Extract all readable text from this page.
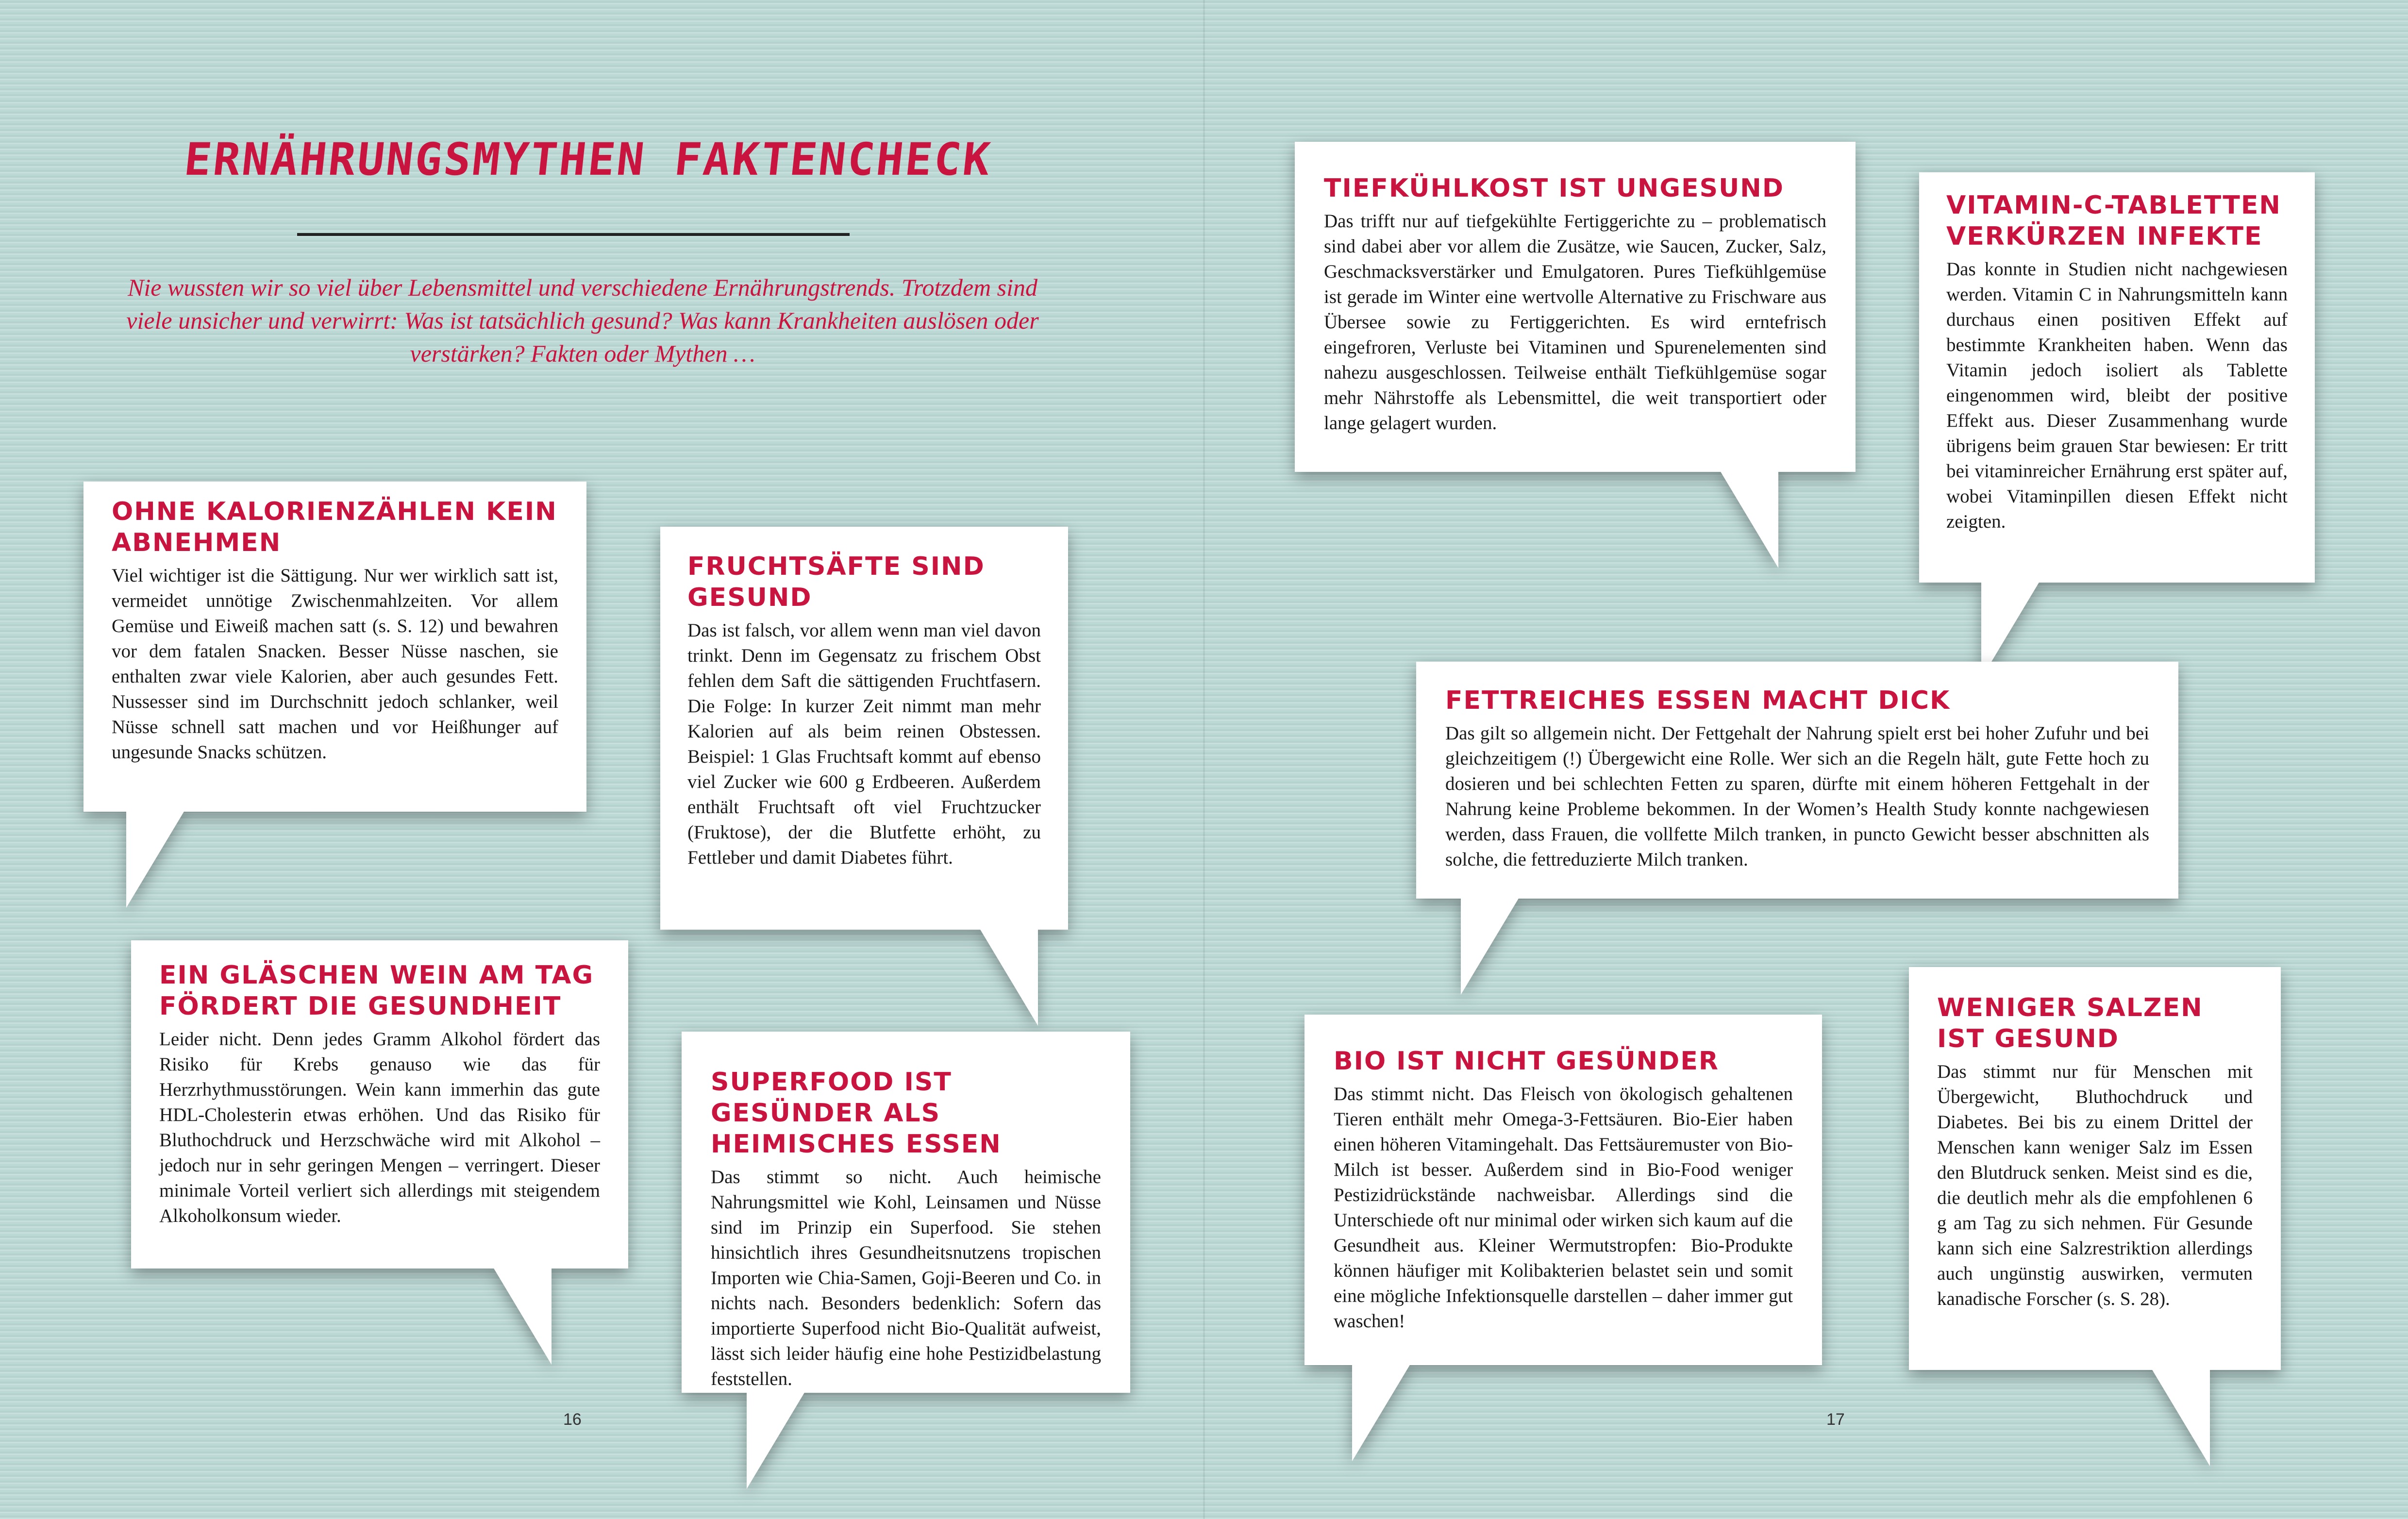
ERNÄHRUNGSMYTHEN FAKTENCHECK

Nie wussten wir so viel über Lebensmittel und verschiedene Ernährungstrends. Trotzdem sind viele unsicher und verwirrt: Was ist tatsächlich gesund? Was kann Krankheiten auslösen oder verstärken? Fakten oder Mythen …

OHNE KALORIENZÄHLEN KEIN ABNEHMEN

Viel wichtiger ist die Sättigung. Nur wer wirklich satt ist, vermeidet unnötige Zwischenmahlzeiten. Vor allem Gemüse und Eiweiß machen satt (s. S. 12) und bewahren vor dem fatalen Snacken. Besser Nüsse naschen, sie enthalten zwar viele Kalorien, aber auch gesundes Fett. Nussesser sind im Durchschnitt jedoch schlanker, weil Nüsse schnell satt machen und vor Heißhunger auf ungesunde Snacks schützen.

FRUCHTSÄFTE SIND GESUND

Das ist falsch, vor allem wenn man viel davon trinkt. Denn im Gegensatz zu frischem Obst fehlen dem Saft die sättigenden Fruchtfasern. Die Folge: In kurzer Zeit nimmt man mehr Kalorien auf als beim reinen Obstessen. Beispiel: 1 Glas Fruchtsaft kommt auf ebenso viel Zucker wie 600 g Erdbeeren. Außerdem enthält Fruchtsaft oft viel Fruchtzucker (Fruktose), der die Blutfette erhöht, zu Fettleber und damit Diabetes führt.

EIN GLÄSCHEN WEIN AM TAG FÖRDERT DIE GESUNDHEIT

Leider nicht. Denn jedes Gramm Alkohol fördert das Risiko für Krebs genauso wie das für Herzrhythmusstörungen. Wein kann immerhin das gute HDL-Cholesterin etwas erhöhen. Und das Risiko für Bluthochdruck und Herzschwäche wird mit Alkohol – jedoch nur in sehr geringen Mengen – verringert. Dieser minimale Vorteil verliert sich allerdings mit steigendem Alkoholkonsum wieder.

SUPERFOOD IST GESÜNDER ALS HEIMISCHES ESSEN

Das stimmt so nicht. Auch heimische Nahrungsmittel wie Kohl, Leinsamen und Nüsse sind im Prinzip ein Superfood. Sie stehen hinsichtlich ihres Gesundheitsnutzens tropischen Importen wie Chia-Samen, Goji-Beeren und Co. in nichts nach. Besonders bedenklich: Sofern das importierte Superfood nicht Bio-Qualität aufweist, lässt sich leider häufig eine hohe Pestizidbelastung feststellen.

16
TIEFKÜHLKOST IST UNGESUND

Das trifft nur auf tiefgekühlte Fertiggerichte zu – problematisch sind dabei aber vor allem die Zusätze, wie Saucen, Zucker, Salz, Geschmacksverstärker und Emulgatoren. Pures Tiefkühlgemüse ist gerade im Winter eine wertvolle Alternative zu Frischware aus Übersee sowie zu Fertiggerichten. Es wird erntefrisch eingefroren, Verluste bei Vitaminen und Spurenelementen sind nahezu ausgeschlossen. Teilweise enthält Tiefkühlgemüse sogar mehr Nährstoffe als Lebensmittel, die weit transportiert oder lange gelagert wurden.

VITAMIN-C-TABLETTEN VERKÜRZEN INFEKTE

Das konnte in Studien nicht nachgewiesen werden. Vitamin C in Nahrungsmitteln kann durchaus einen positiven Effekt auf bestimmte Krankheiten haben. Wenn das Vitamin jedoch isoliert als Tablette eingenommen wird, bleibt der positive Effekt aus. Dieser Zusammenhang wurde übrigens beim grauen Star bewiesen: Er tritt bei vitaminreicher Ernährung erst später auf, wobei Vitaminpillen diesen Effekt nicht zeigten.

FETTREICHES ESSEN MACHT DICK

Das gilt so allgemein nicht. Der Fettgehalt der Nahrung spielt erst bei hoher Zufuhr und bei gleichzeitigem (!) Übergewicht eine Rolle. Wer sich an die Regeln hält, gute Fette hoch zu dosieren und bei schlechten Fetten zu sparen, dürfte mit einem höheren Fettgehalt in der Nahrung keine Probleme bekommen. In der Women’s Health Study konnte nachgewiesen werden, dass Frauen, die vollfette Milch tranken, in puncto Gewicht besser abschnitten als solche, die fettreduzierte Milch tranken.

BIO IST NICHT GESÜNDER

Das stimmt nicht. Das Fleisch von ökologisch gehaltenen Tieren enthält mehr Omega-3-Fettsäuren. Bio-Eier haben einen höheren Vitamingehalt. Das Fettsäuremuster von Bio-Milch ist besser. Außerdem sind in Bio-Food weniger Pestizidrückstände nachweisbar. Allerdings sind die Unterschiede oft nur minimal oder wirken sich kaum auf die Gesundheit aus. Kleiner Wermutstropfen: Bio-Produkte können häufiger mit Kolibakterien belastet sein und somit eine mögliche Infektionsquelle darstellen – daher immer gut waschen!

WENIGER SALZEN IST GESUND

Das stimmt nur für Menschen mit Übergewicht, Bluthochdruck und Diabetes. Bei bis zu einem Drittel der Menschen kann weniger Salz im Essen den Blutdruck senken. Meist sind es die, die deutlich mehr als die empfohlenen 6 g am Tag zu sich nehmen. Für Gesunde kann sich eine Salzrestriktion allerdings auch ungünstig auswirken, vermuten kanadische Forscher (s. S. 28).

17
